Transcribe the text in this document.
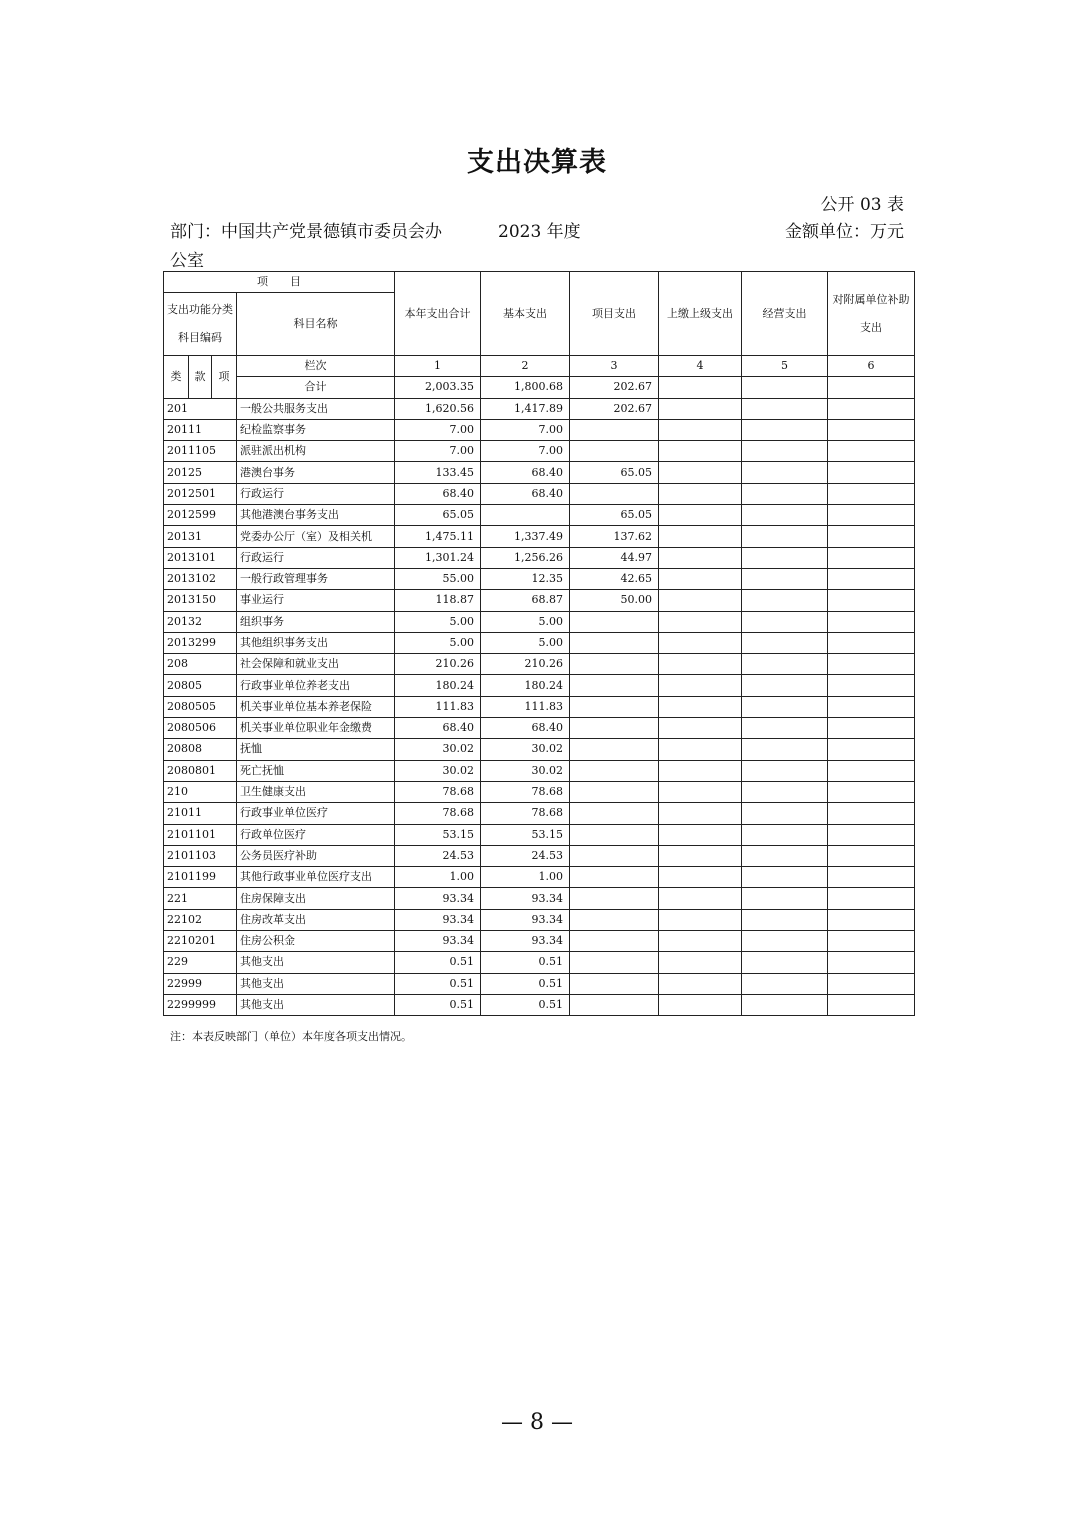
支出决算表
公开 03 表
部门：中国共产党景德镇市委员会办公室
2023 年度	金额单位：万元
项　　目				本年支出合计	基本支出	项目支出	上缴上级支出	经营支出	对附属单位补助支出
支出功能分类科目编码			科目名称						

类	款	项	栏次	1	2	3	4	5	6
			合计	2,003.35	1,800.68	202.67			
201			一般公共服务支出	1,620.56	1,417.89	202.67			
20111			纪检监察事务	7.00	7.00				
2011105			派驻派出机构	7.00	7.00				
20125			港澳台事务	133.45	68.40	65.05			
2012501			行政运行	68.40	68.40				
2012599			其他港澳台事务支出	65.05		65.05			
20131			党委办公厅（室）及相关机	1,475.11	1,337.49	137.62			
2013101			行政运行	1,301.24	1,256.26	44.97			
2013102			一般行政管理事务	55.00	12.35	42.65			
2013150			事业运行	118.87	68.87	50.00			
20132			组织事务	5.00	5.00				
2013299			其他组织事务支出	5.00	5.00				
208			社会保障和就业支出	210.26	210.26				
20805			行政事业单位养老支出	180.24	180.24				
2080505			机关事业单位基本养老保险	111.83	111.83				
2080506			机关事业单位职业年金缴费	68.40	68.40				
20808			抚恤	30.02	30.02				
2080801			死亡抚恤	30.02	30.02				
210			卫生健康支出	78.68	78.68				
21011			行政事业单位医疗	78.68	78.68				
2101101			行政单位医疗	53.15	53.15				
2101103			公务员医疗补助	24.53	24.53				
2101199			其他行政事业单位医疗支出	1.00	1.00				
221			住房保障支出	93.34	93.34				
22102			住房改革支出	93.34	93.34				
2210201			住房公积金	93.34	93.34				
229			其他支出	0.51	0.51				
22999			其他支出	0.51	0.51				
2299999			其他支出	0.51	0.51				
注：本表反映部门（单位）本年度各项支出情况。
— 8 —
